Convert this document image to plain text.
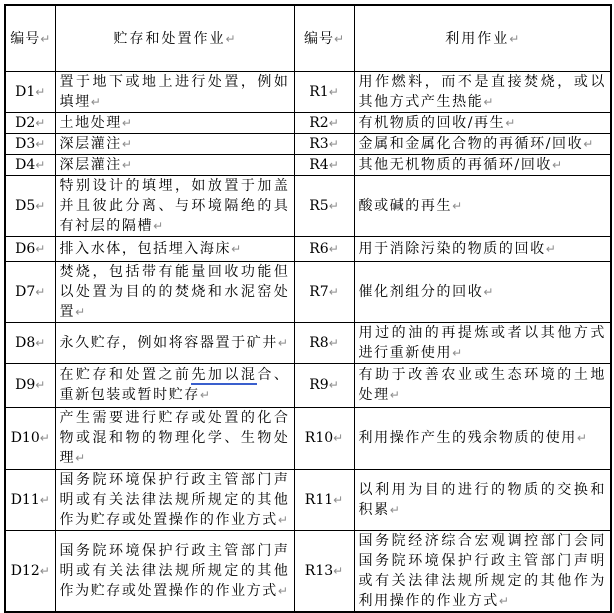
编号↵	贮存和处置作业↵	编号↵	利用作业↵
D1↵	置于地下或地上进行处置，例如填埋↵	R1↵	用作燃料，而不是直接焚烧，或以其他方式产生热能↵
D2↵	土地处理↵	R2↵	有机物质的回收/再生↵
D3↵	深层灌注↵	R3↵	金属和金属化合物的再循环/回收↵
D4↵	深层灌注↵	R4↵	其他无机物质的再循环/回收↵
D5↵	特别设计的填埋，如放置于加盖并且彼此分离、与环境隔绝的具有衬层的隔槽↵	R5↵	酸或碱的再生↵
D6↵	排入水体，包括埋入海床↵	R6↵	用于消除污染的物质的回收↵
D7↵	焚烧，包括带有能量回收功能但以处置为目的的焚烧和水泥窑处置↵	R7↵	催化剂组分的回收↵
D8↵	永久贮存，例如将容器置于矿井↵	R8↵	用过的油的再提炼或者以其他方式进行重新使用↵
D9↵	在贮存和处置之前先加以混合、重新包装或暂时贮存↵	R9↵	有助于改善农业或生态环境的土地处理↵
D10↵	产生需要进行贮存或处置的化合物或混和物的物理化学、生物处理↵	R10↵	利用操作产生的残余物质的使用↵
D11↵	国务院环境保护行政主管部门声明或有关法律法规所规定的其他作为贮存或处置操作的作业方式↵	R11↵	以利用为目的进行的物质的交换和积累↵
D12↵	国务院环境保护行政主管部门声明或有关法律法规所规定的其他作为贮存或处置操作的作业方式↵	R13↵	国务院经济综合宏观调控部门会同国务院环境保护行政主管部门声明或有关法律法规所规定的其他作为利用操作的作业方式↵
